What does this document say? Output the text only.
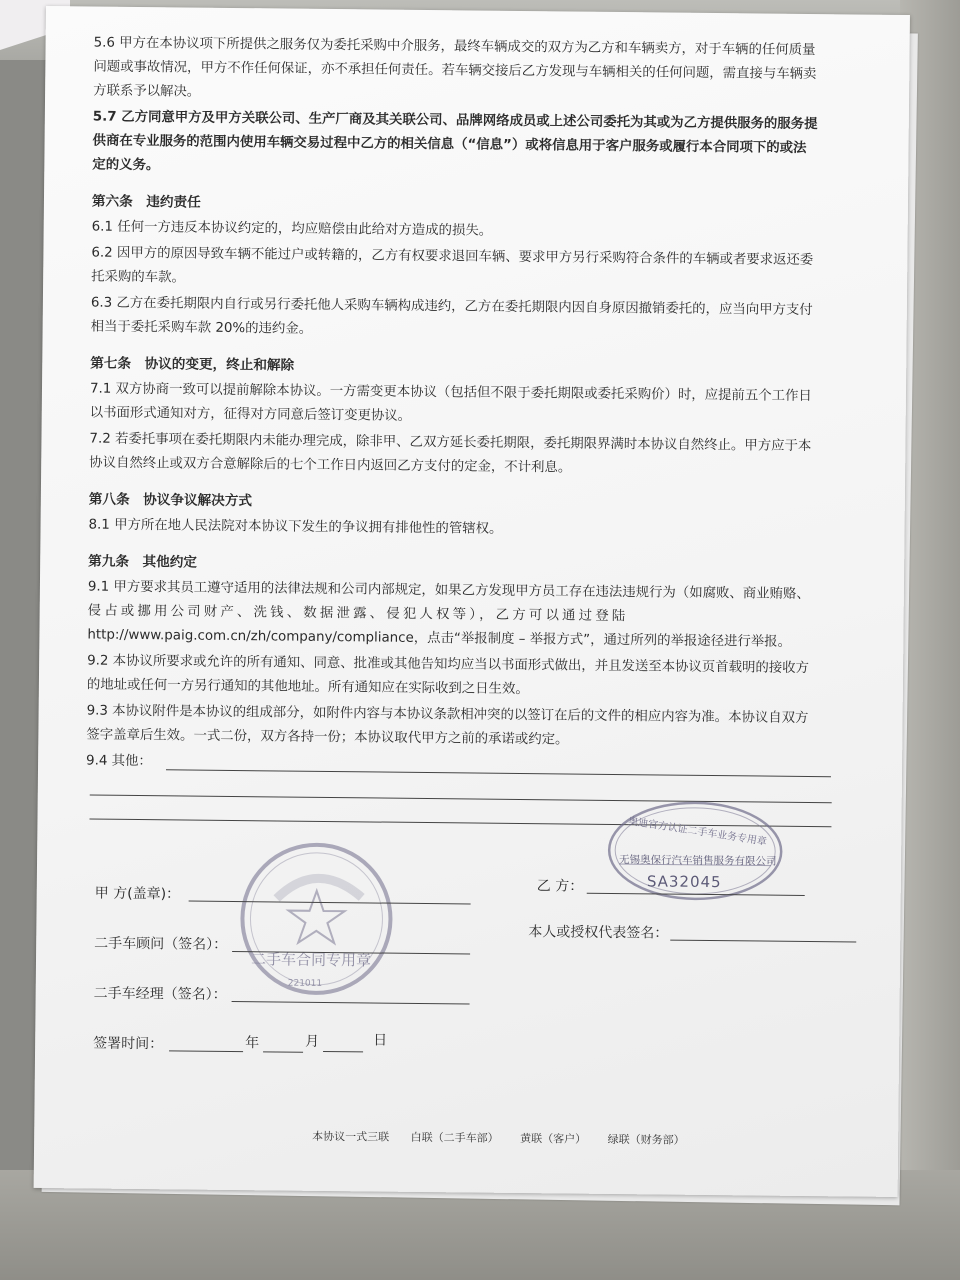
5.6 甲方在本协议项下所提供之服务仅为委托采购中介服务，最终车辆成交的双方为乙方和车辆卖方，对于车辆的任何质量
问题或事故情况，甲方不作任何保证，亦不承担任何责任。若车辆交接后乙方发现与车辆相关的任何问题，需直接与车辆卖
方联系予以解决。
5.7 乙方同意甲方及甲方关联公司、生产厂商及其关联公司、品牌网络成员或上述公司委托为其或为乙方提供服务的服务提
供商在专业服务的范围内使用车辆交易过程中乙方的相关信息（“信息”）或将信息用于客户服务或履行本合同项下的或法
定的义务。
第六条　违约责任
6.1 任何一方违反本协议约定的，均应赔偿由此给对方造成的损失。
6.2 因甲方的原因导致车辆不能过户或转籍的，乙方有权要求退回车辆、要求甲方另行采购符合条件的车辆或者要求返还委
托采购的车款。
6.3 乙方在委托期限内自行或另行委托他人采购车辆构成违约，乙方在委托期限内因自身原因撤销委托的，应当向甲方支付
相当于委托采购车款 20%的违约金。
第七条　协议的变更，终止和解除
7.1 双方协商一致可以提前解除本协议。一方需变更本协议（包括但不限于委托期限或委托采购价）时，应提前五个工作日
以书面形式通知对方，征得对方同意后签订变更协议。
7.2 若委托事项在委托期限内未能办理完成，除非甲、乙双方延长委托期限，委托期限界满时本协议自然终止。甲方应于本
协议自然终止或双方合意解除后的七个工作日内返回乙方支付的定金，不计利息。
第八条　协议争议解决方式
8.1 甲方所在地人民法院对本协议下发生的争议拥有排他性的管辖权。
第九条　其他约定
9.1 甲方要求其员工遵守适用的法律法规和公司内部规定，如果乙方发现甲方员工存在违法违规行为（如腐败、商业贿赂、
侵占或挪用公司财产、洗钱、数据泄露、侵犯人权等），乙方可以通过登陆
http://www.paig.com.cn/zh/company/compliance，点击“举报制度 – 举报方式”，通过所列的举报途径进行举报。
9.2 本协议所要求或允许的所有通知、同意、批准或其他告知均应当以书面形式做出，并且发送至本协议页首载明的接收方
的地址或任何一方另行通知的其他地址。所有通知应在实际收到之日生效。
9.3 本协议附件是本协议的组成部分，如附件内容与本协议条款相冲突的以签订在后的文件的相应内容为准。本协议自双方
签字盖章后生效。一式二份，双方各持一份；本协议取代甲方之前的承诺或约定。
9.4 其他：
二手车合同专用章
221011
奥迪官方认证二手车业务专用章
无锡奥保行汽车销售服务有限公司
SA32045
甲 方(盖章)：	乙 方：
二手车顾问（签名）：
本人或授权代表签名：
二手车经理（签名）：
签署时间：	年	月	日
本协议一式三联 白联（二手车部） 黄联（客户） 绿联（财务部）
